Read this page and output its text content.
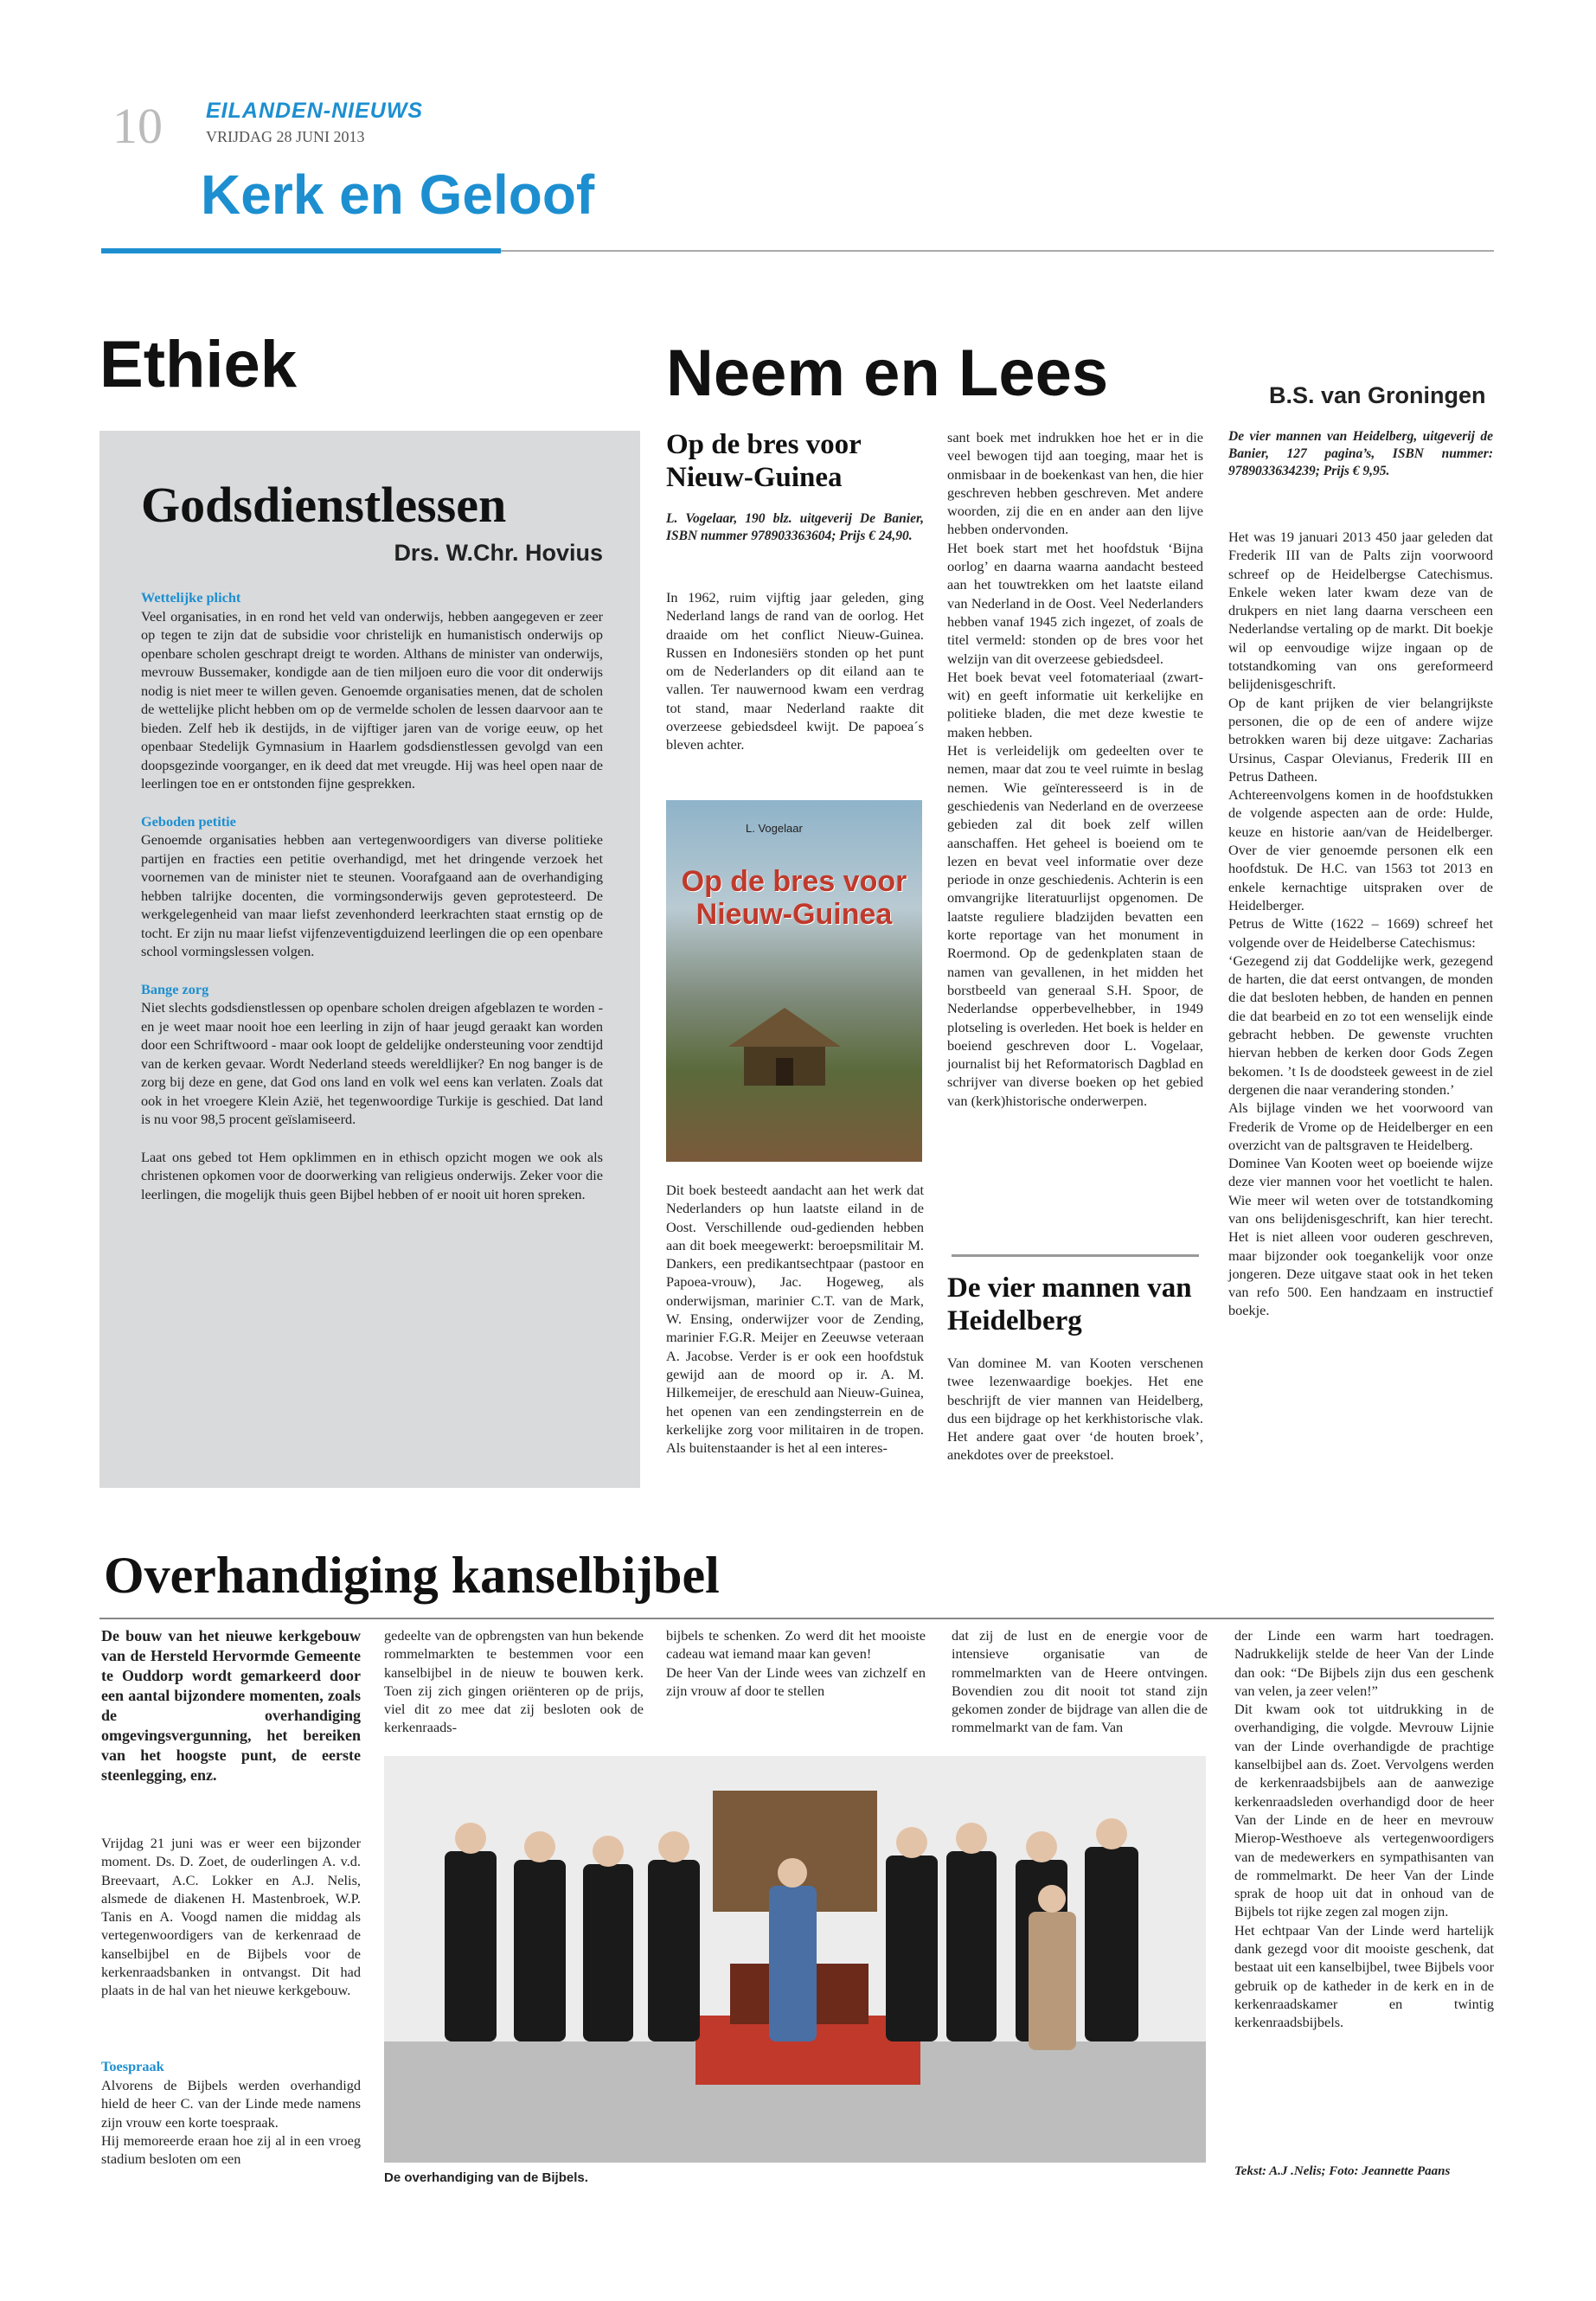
10 EILANDEN-NIEUWS
VRIJDAG 28 JUNI 2013
Kerk en Geloof
Ethiek
Godsdienstlessen
Drs. W.Chr. Hovius
Wettelijke plicht

Veel organisaties, in en rond het veld van onderwijs, hebben aangegeven er zeer op tegen te zijn dat de subsidie voor christelijk en humanistisch onderwijs op openbare scholen geschrapt dreigt te worden. Althans de minister van onderwijs, mevrouw Bussemaker, kondigde aan de tien miljoen euro die voor dit onderwijs nodig is niet meer te willen geven. Genoemde organisaties menen, dat de scholen de wettelijke plicht hebben om op de vermelde scholen de lessen daarvoor aan te bieden. Zelf heb ik destijds, in de vijftiger jaren van de vorige eeuw, op het openbaar Stedelijk Gymnasium in Haarlem godsdienstlessen gevolgd van een doopsgezinde voorganger, en ik deed dat met vreugde. Hij was heel open naar de leerlingen toe en er ontstonden fijne gesprekken.

Geboden petitie

Genoemde organisaties hebben aan vertegenwoordigers van diverse politieke partijen en fracties een petitie overhandigd, met het dringende verzoek het voornemen van de minister niet te steunen. Voorafgaand aan de overhandiging hebben talrijke docenten, die vormingsonderwijs geven geprotesteerd. De werkgelegenheid van maar liefst zevenhonderd leerkrachten staat ernstig op de tocht. Er zijn nu maar liefst vijfenzeventigduizend leerlingen die op een openbare school vormingslessen volgen.

Bange zorg

Niet slechts godsdienstlessen op openbare scholen dreigen afgeblazen te worden - en je weet maar nooit hoe een leerling in zijn of haar jeugd geraakt kan worden door een Schriftwoord - maar ook loopt de geldelijke ondersteuning voor zendtijd van de kerken gevaar. Wordt Nederland steeds wereldlijker? En nog banger is de zorg bij deze en gene, dat God ons land en volk wel eens kan verlaten. Zoals dat ook in het vroegere Klein Azië, het tegenwoordige Turkije is geschied. Dat land is nu voor 98,5 procent geïslamiseerd.

Laat ons gebed tot Hem opklimmen en in ethisch opzicht mogen we ook als christenen opkomen voor de doorwerking van religieus onderwijs. Zeker voor die leerlingen, die mogelijk thuis geen Bijbel hebben of er nooit uit horen spreken.

Neem en Lees	B.S. van Groningen
Op de bres voor Nieuw-Guinea
L. Vogelaar, 190 blz. uitgeverij De Banier, ISBN nummer 978903363604; Prijs € 24,90.

In 1962, ruim vijftig jaar geleden, ging Nederland langs de rand van de oorlog. Het draaide om het conflict Nieuw-Guinea. Russen en Indonesiërs stonden op het punt om de Nederlanders op dit eiland aan te vallen. Ter nauwernood kwam een verdrag tot stand, maar Nederland raakte dit overzeese gebiedsdeel kwijt. De papoea´s bleven achter.

L. Vogelaar
Op de bres voor Nieuw-Guinea

Dit boek besteedt aandacht aan het werk dat Nederlanders op hun laatste eiland in de Oost. Verschillende oud-gedienden hebben aan dit boek meegewerkt: beroepsmilitair M. Dankers, een predikantsechtpaar (pastoor en Papoea-vrouw), Jac. Hogeweg, als onderwijsman, marinier C.T. van de Mark, W. Ensing, onderwijzer voor de Zending, marinier F.G.R. Meijer en Zeeuwse veteraan A. Jacobse. Verder is er ook een hoofdstuk gewijd aan de moord op ir. A. M. Hilkemeijer, de ereschuld aan Nieuw-Guinea, het openen van een zendingsterrein en de kerkelijke zorg voor militairen in de tropen. Als buitenstaander is het al een interes-

sant boek met indrukken hoe het er in die veel bewogen tijd aan toeging, maar het is onmisbaar in de boekenkast van hen, die hier geschreven hebben geschreven. Met andere woorden, zij die en en ander aan den lijve hebben ondervonden.
Het boek start met het hoofdstuk ‘Bijna oorlog’ en daarna waarna aandacht besteed aan het touwtrekken om het laatste eiland van Nederland in de Oost. Veel Nederlanders hebben vanaf 1945 zich ingezet, of zoals de titel vermeld: stonden op de bres voor het welzijn van dit overzeese gebiedsdeel.
Het boek bevat veel fotomateriaal (zwart-wit) en geeft informatie uit kerkelijke en politieke bladen, die met deze kwestie te maken hebben.
Het is verleidelijk om gedeelten over te nemen, maar dat zou te veel ruimte in beslag nemen. Wie geïnteresseerd is in de geschiedenis van Nederland en de overzeese gebieden zal dit boek zelf willen aanschaffen. Het geheel is boeiend om te lezen en bevat veel informatie over deze periode in onze geschiedenis. Achterin is een omvangrijke literatuurlijst opgenomen. De laatste reguliere bladzijden bevatten een korte reportage van het monument in Roermond. Op de gedenkplaten staan de namen van gevallenen, in het midden het borstbeeld van generaal S.H. Spoor, de Nederlandse opperbevelhebber, in 1949 plotseling is overleden. Het boek is helder en boeiend geschreven door L. Vogelaar, journalist bij het Reformatorisch Dagblad en schrijver van diverse boeken op het gebied van (kerk)historische onderwerpen.

De vier mannen van Heidelberg

Van dominee M. van Kooten verschenen twee lezenwaardige boekjes. Het ene beschrijft de vier mannen van Heidelberg, dus een bijdrage op het kerkhistorische vlak. Het andere gaat over ‘de houten broek’, anekdotes over de preekstoel.

De vier mannen van Heidelberg, uitgeverij de Banier, 127 pagina’s, ISBN nummer: 9789033634239; Prijs € 9,95.

Het was 19 januari 2013 450 jaar geleden dat Frederik III van de Palts zijn voorwoord schreef op de Heidelbergse Catechismus. Enkele weken later kwam deze van de drukpers en niet lang daarna verscheen een Nederlandse vertaling op de markt. Dit boekje wil op eenvoudige wijze ingaan op de totstandkoming van ons gereformeerd belijdenisgeschrift.
Op de kant prijken de vier belangrijkste personen, die op de een of andere wijze betrokken waren bij deze uitgave: Zacharias Ursinus, Caspar Olevianus, Frederik III en Petrus Datheen.
Achtereenvolgens komen in de hoofdstukken de volgende aspecten aan de orde: Hulde, keuze en historie aan/van de Heidelberger. Over de vier genoemde personen elk een hoofdstuk. De H.C. van 1563 tot 2013 en enkele kernachtige uitspraken over de Heidelberger.
Petrus de Witte (1622 – 1669) schreef het volgende over de Heidelberse Catechismus:
‘Gezegend zij dat Goddelijke werk, gezegend de harten, die dat eerst ontvangen, de monden die dat besloten hebben, de handen en pennen die dat bearbeid en zo tot een wenselijk einde gebracht hebben. De gewenste vruchten hiervan hebben de kerken door Gods Zegen bekomen. ’t Is de doodsteek geweest in de ziel dergenen die naar verandering stonden.’
Als bijlage vinden we het voorwoord van Frederik de Vrome op de Heidelberger en een overzicht van de paltsgraven te Heidelberg.
Dominee Van Kooten weet op boeiende wijze deze vier mannen voor het voetlicht te halen. Wie meer wil weten over de totstandkoming van ons belijdenisgeschrift, kan hier terecht. Het is niet alleen voor ouderen geschreven, maar bijzonder ook toegankelijk voor onze jongeren. Deze uitgave staat ook in het teken van refo 500. Een handzaam en instructief boekje.

Overhandiging kanselbijbel
De bouw van het nieuwe kerkgebouw van de Hersteld Hervormde Gemeente te Ouddorp wordt gemarkeerd door een aantal bijzondere momenten, zoals de overhandiging omgevingsvergunning, het bereiken van het hoogste punt, de eerste steenlegging, enz.

Vrijdag 21 juni was er weer een bijzonder moment. Ds. D. Zoet, de ouderlingen A. v.d. Breevaart, A.C. Lokker en A.J. Nelis, alsmede de diakenen H. Mastenbroek, W.P. Tanis en A. Voogd namen die middag als vertegenwoordigers van de kerkenraad de kanselbijbel en de Bijbels voor de kerkenraadsbanken in ontvangst. Dit had plaats in de hal van het nieuwe kerkgebouw.

Toespraak

Alvorens de Bijbels werden overhandigd hield de heer C. van der Linde mede namens zijn vrouw een korte toespraak.
Hij memoreerde eraan hoe zij al in een vroeg stadium besloten om een

gedeelte van de opbrengsten van hun bekende rommelmarkten te bestemmen voor een kanselbijbel in de nieuw te bouwen kerk. Toen zij zich gingen oriënteren op de prijs, viel dit zo mee dat zij besloten ook de kerkenraads-

bijbels te schenken. Zo werd dit het mooiste cadeau wat iemand maar kan geven!
De heer Van der Linde wees van zichzelf en zijn vrouw af door te stellen

dat zij de lust en de energie voor de intensieve organisatie van de rommelmarkten van de Heere ontvingen. Bovendien zou dit nooit tot stand zijn gekomen zonder de bijdrage van allen die de rommelmarkt van de fam. Van

der Linde een warm hart toedragen. Nadrukkelijk stelde de heer Van der Linde dan ook: “De Bijbels zijn dus een geschenk van velen, ja zeer velen!”
Dit kwam ook tot uitdrukking in de overhandiging, die volgde. Mevrouw Lijnie van der Linde overhandigde de prachtige kanselbijbel aan ds. Zoet. Vervolgens werden de kerkenraadsbijbels aan de aanwezige kerkenraadsleden overhandigd door de heer Van der Linde en de heer en mevrouw Mierop-Westhoeve als vertegenwoordigers van de medewerkers en sympathisanten van de rommelmarkt. De heer Van der Linde sprak de hoop uit dat in onhoud van de Bijbels tot rijke zegen zal mogen zijn.
Het echtpaar Van der Linde werd hartelijk dank gezegd voor dit mooiste geschenk, dat bestaat uit een kanselbijbel, twee Bijbels voor gebruik op de katheder in de kerk en in de kerkenraadskamer en twintig kerkenraadsbijbels.

De overhandiging van de Bijbels.	Tekst: A.J .Nelis; Foto: Jeannette Paans
